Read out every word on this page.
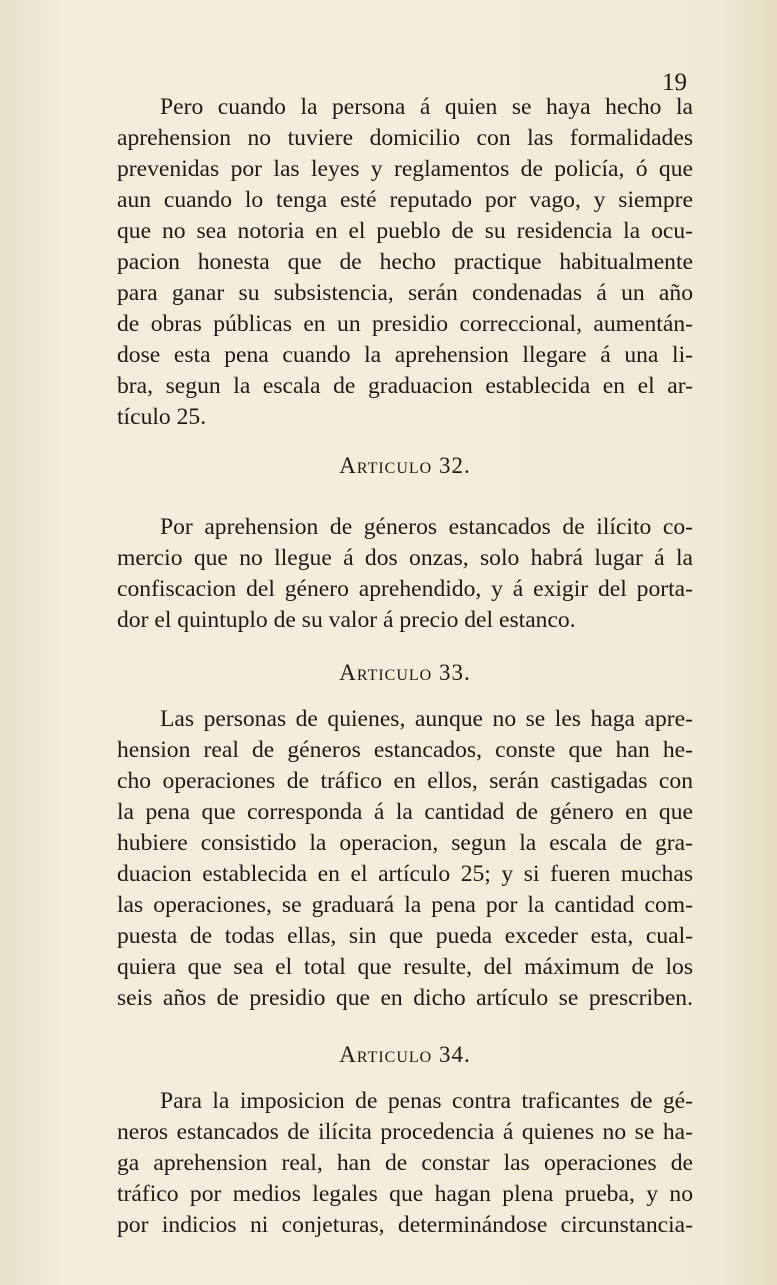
19
Pero cuando la persona á quien se haya hecho la
aprehension no tuviere domicilio con las formalidades
prevenidas por las leyes y reglamentos de policía, ó que
aun cuando lo tenga esté reputado por vago, y siempre
que no sea notoria en el pueblo de su residencia la ocu-
pacion honesta que de hecho practique habitualmente
para ganar su subsistencia, serán condenadas á un año
de obras públicas en un presidio correccional, aumentán-
dose esta pena cuando la aprehension llegare á una li-
bra, segun la escala de graduacion establecida en el ar-
tículo 25.
Articulo 32.
Por aprehension de géneros estancados de ilícito co-
mercio que no llegue á dos onzas, solo habrá lugar á la
confiscacion del género aprehendido, y á exigir del porta-
dor el quintuplo de su valor á precio del estanco.
Articulo 33.
Las personas de quienes, aunque no se les haga apre-
hension real de géneros estancados, conste que han he-
cho operaciones de tráfico en ellos, serán castigadas con
la pena que corresponda á la cantidad de género en que
hubiere consistido la operacion, segun la escala de gra-
duacion establecida en el artículo 25; y si fueren muchas
las operaciones, se graduará la pena por la cantidad com-
puesta de todas ellas, sin que pueda exceder esta, cual-
quiera que sea el total que resulte, del máximum de los
seis años de presidio que en dicho artículo se prescriben.
Articulo 34.
Para la imposicion de penas contra traficantes de gé-
neros estancados de ilícita procedencia á quienes no se ha-
ga aprehension real, han de constar las operaciones de
tráfico por medios legales que hagan plena prueba, y no
por indicios ni conjeturas, determinándose circunstancia-
